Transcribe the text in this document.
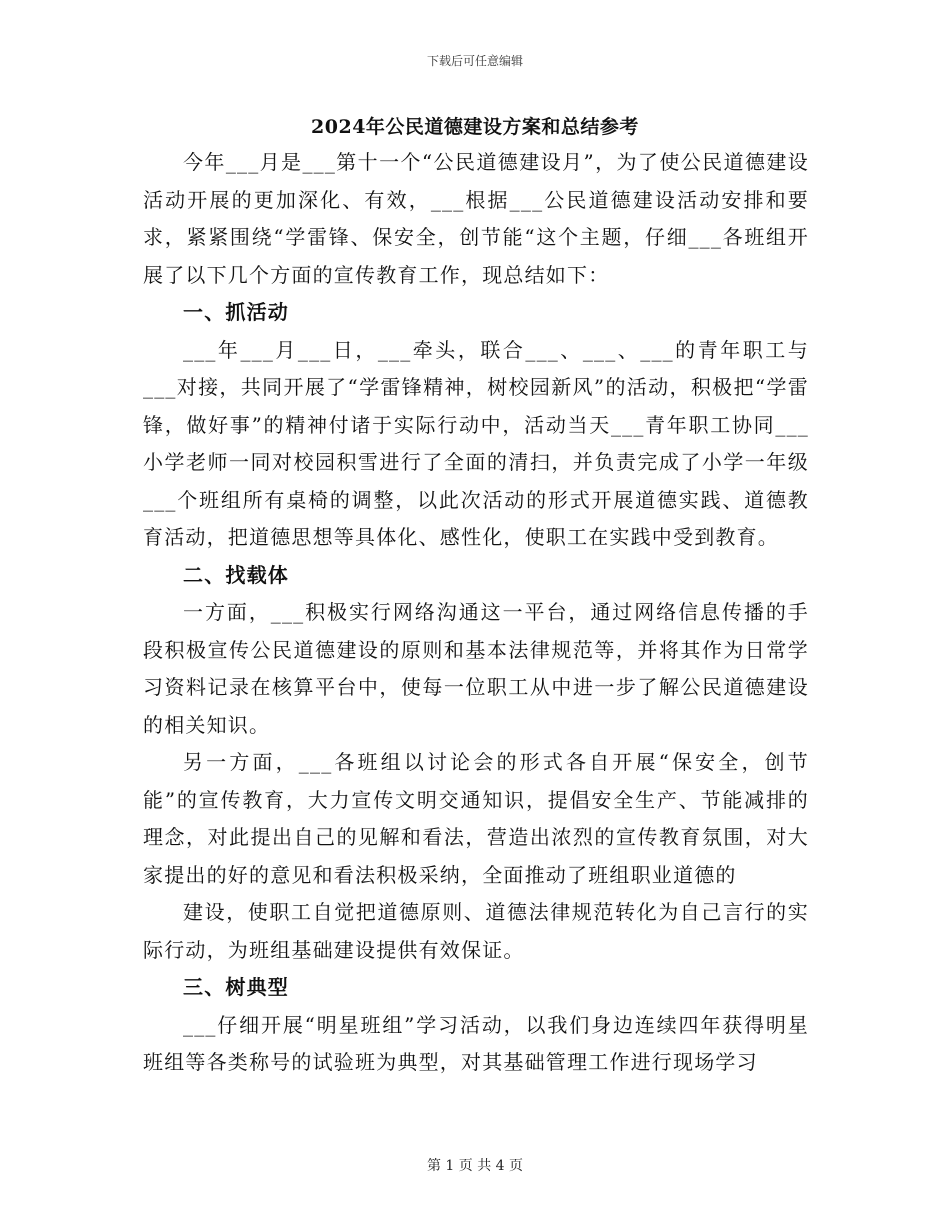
下载后可任意编辑
2024年公民道德建设方案和总结参考

今年___月是___第十一个“公民道德建设月”，为了使公民道德建设活动开展的更加深化、有效，___根据___公民道德建设活动安排和要求，紧紧围绕“学雷锋、保安全，创节能“这个主题，仔细___各班组开展了以下几个方面的宣传教育工作，现总结如下：

一、抓活动

___年___月___日，___牵头，联合___、___、___的青年职工与___对接，共同开展了“学雷锋精神，树校园新风”的活动，积极把“学雷锋，做好事”的精神付诸于实际行动中，活动当天___青年职工协同___小学老师一同对校园积雪进行了全面的清扫，并负责完成了小学一年级___个班组所有桌椅的调整，以此次活动的形式开展道德实践、道德教育活动，把道德思想等具体化、感性化，使职工在实践中受到教育。

二、找载体

一方面，___积极实行网络沟通这一平台，通过网络信息传播的手段积极宣传公民道德建设的原则和基本法律规范等，并将其作为日常学习资料记录在核算平台中，使每一位职工从中进一步了解公民道德建设的相关知识。

另一方面，___各班组以讨论会的形式各自开展“保安全，创节能”的宣传教育，大力宣传文明交通知识，提倡安全生产、节能减排的理念，对此提出自己的见解和看法，营造出浓烈的宣传教育氛围，对大家提出的好的意见和看法积极采纳，全面推动了班组职业道德的

建设，使职工自觉把道德原则、道德法律规范转化为自己言行的实际行动，为班组基础建设提供有效保证。

三、树典型

___仔细开展“明星班组”学习活动，以我们身边连续四年获得明星班组等各类称号的试验班为典型，对其基础管理工作进行现场学习

第 1 页 共 4 页
